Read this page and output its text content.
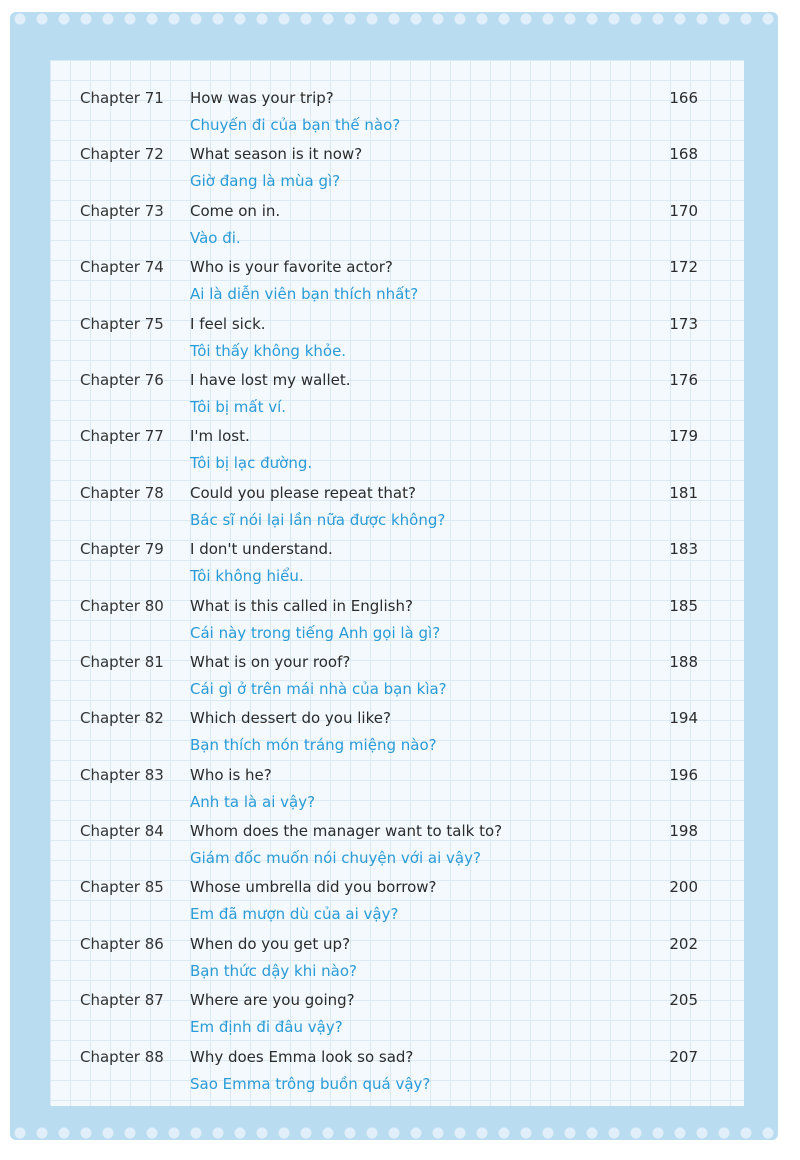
Chapter 71 How was your trip?
Chuyến đi của bạn thế nào?
166
Chapter 72 What season is it now?
Giờ đang là mùa gì?
168
Chapter 73 Come on in.
Vào đi.
170
Chapter 74 Who is your favorite actor?
Ai là diễn viên bạn thích nhất?
172
Chapter 75 I feel sick.
Tôi thấy không khỏe.
173
Chapter 76 I have lost my wallet.
Tôi bị mất ví.
176
Chapter 77 I'm lost.
Tôi bị lạc đường.
179
Chapter 78 Could you please repeat that?
Bác sĩ nói lại lần nữa được không?
181
Chapter 79 I don't understand.
Tôi không hiểu.
183
Chapter 80 What is this called in English?
Cái này trong tiếng Anh gọi là gì?
185
Chapter 81 What is on your roof?
Cái gì ở trên mái nhà của bạn kìa?
188
Chapter 82 Which dessert do you like?
Bạn thích món tráng miệng nào?
194
Chapter 83 Who is he?
Anh ta là ai vậy?
196
Chapter 84 Whom does the manager want to talk to?
Giám đốc muốn nói chuyện với ai vậy?
198
Chapter 85 Whose umbrella did you borrow?
Em đã mượn dù của ai vậy?
200
Chapter 86 When do you get up?
Bạn thức dậy khi nào?
202
Chapter 87 Where are you going?
Em định đi đâu vậy?
205
Chapter 88 Why does Emma look so sad?
Sao Emma trông buồn quá vậy?
207
